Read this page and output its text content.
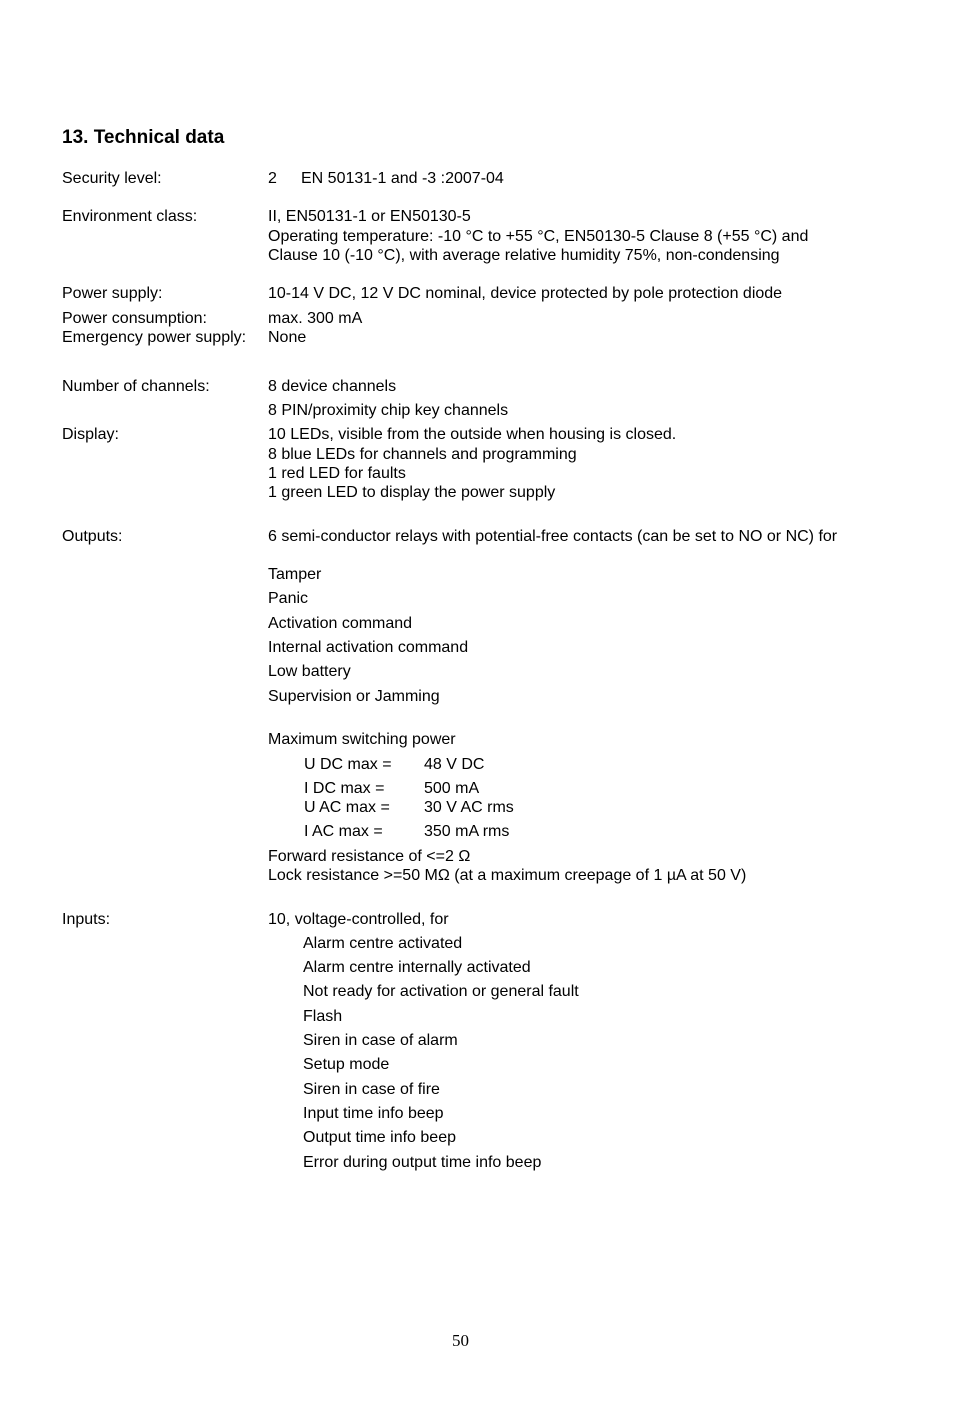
13. Technical data
Security level:	2 EN 50131-1 and -3 :2007-04
Environment class:	II, EN50131-1 or EN50130-5
Operating temperature: -10 °C to +55 °C, EN50130-5 Clause 8 (+55 °C) and
Clause 10 (-10 °C), with average relative humidity 75%, non-condensing
Power supply:	10-14 V DC, 12 V DC nominal, device protected by pole protection diode
Power consumption:	max. 300 mA
Emergency power supply: None
Number of channels:	8 device channels
8 PIN/proximity chip key channels
Display:	10 LEDs, visible from the outside when housing is closed.
8 blue LEDs for channels and programming
1 red LED for faults
1 green LED to display the power supply
Outputs:	6 semi-conductor relays with potential-free contacts (can be set to NO or NC) for
Tamper
Panic
Activation command
Internal activation command
Low battery
Supervision or Jamming
Maximum switching power
U DC max = 48 V DC
I DC max = 500 mA
U AC max = 30 V AC rms
I AC max =	350 mA rms
Forward resistance of <=2 Ω
Lock resistance >=50 MΩ (at a maximum creepage of 1 µA at 50 V)
Inputs:	10, voltage-controlled, for
Alarm centre activated
Alarm centre internally activated
Not ready for activation or general fault
Flash
Siren in case of alarm
Setup mode
Siren in case of fire
Input time info beep
Output time info beep
Error during output time info beep
50
